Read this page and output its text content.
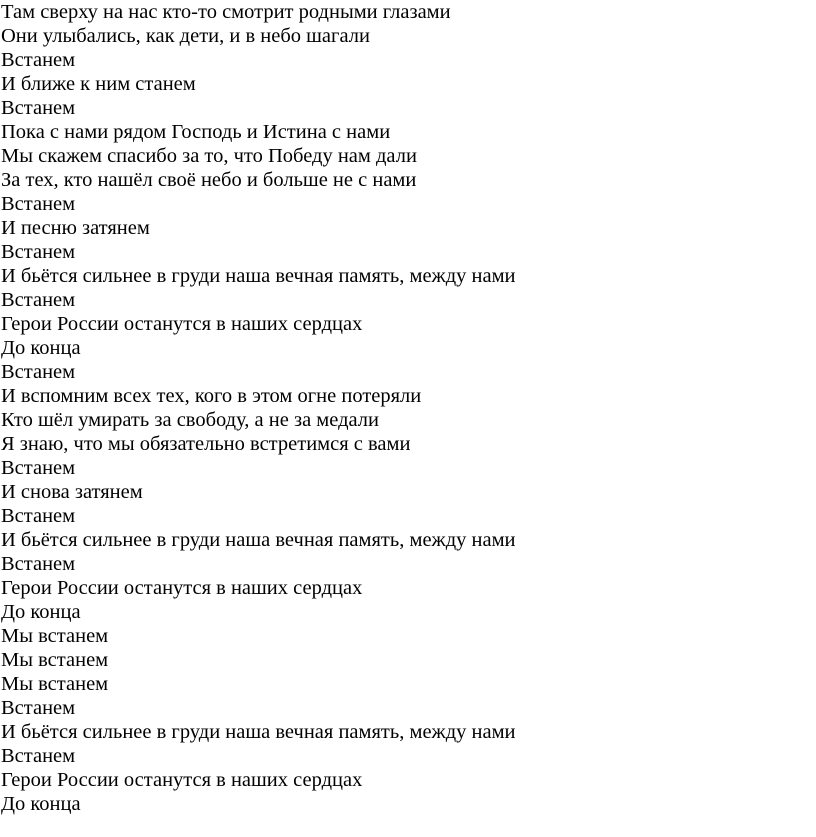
Там сверху на нас кто-то смотрит родными глазами
Они улыбались, как дети, и в небо шагали
Встанем
И ближе к ним станем
Встанем
Пока с нами рядом Господь и Истина с нами
Мы скажем спасибо за то, что Победу нам дали
За тех, кто нашёл своё небо и больше не с нами
Встанем
И песню затянем
Встанем
И бьётся сильнее в груди наша вечная память, между нами
Встанем
Герои России останутся в наших сердцах
До конца
Встанем
И вспомним всех тех, кого в этом огне потеряли
Кто шёл умирать за свободу, а не за медали
Я знаю, что мы обязательно встретимся с вами
Встанем
И снова затянем
Встанем
И бьётся сильнее в груди наша вечная память, между нами
Встанем
Герои России останутся в наших сердцах
До конца
Мы встанем
Мы встанем
Мы встанем
Встанем
И бьётся сильнее в груди наша вечная память, между нами
Встанем
Герои России останутся в наших сердцах
До конца
